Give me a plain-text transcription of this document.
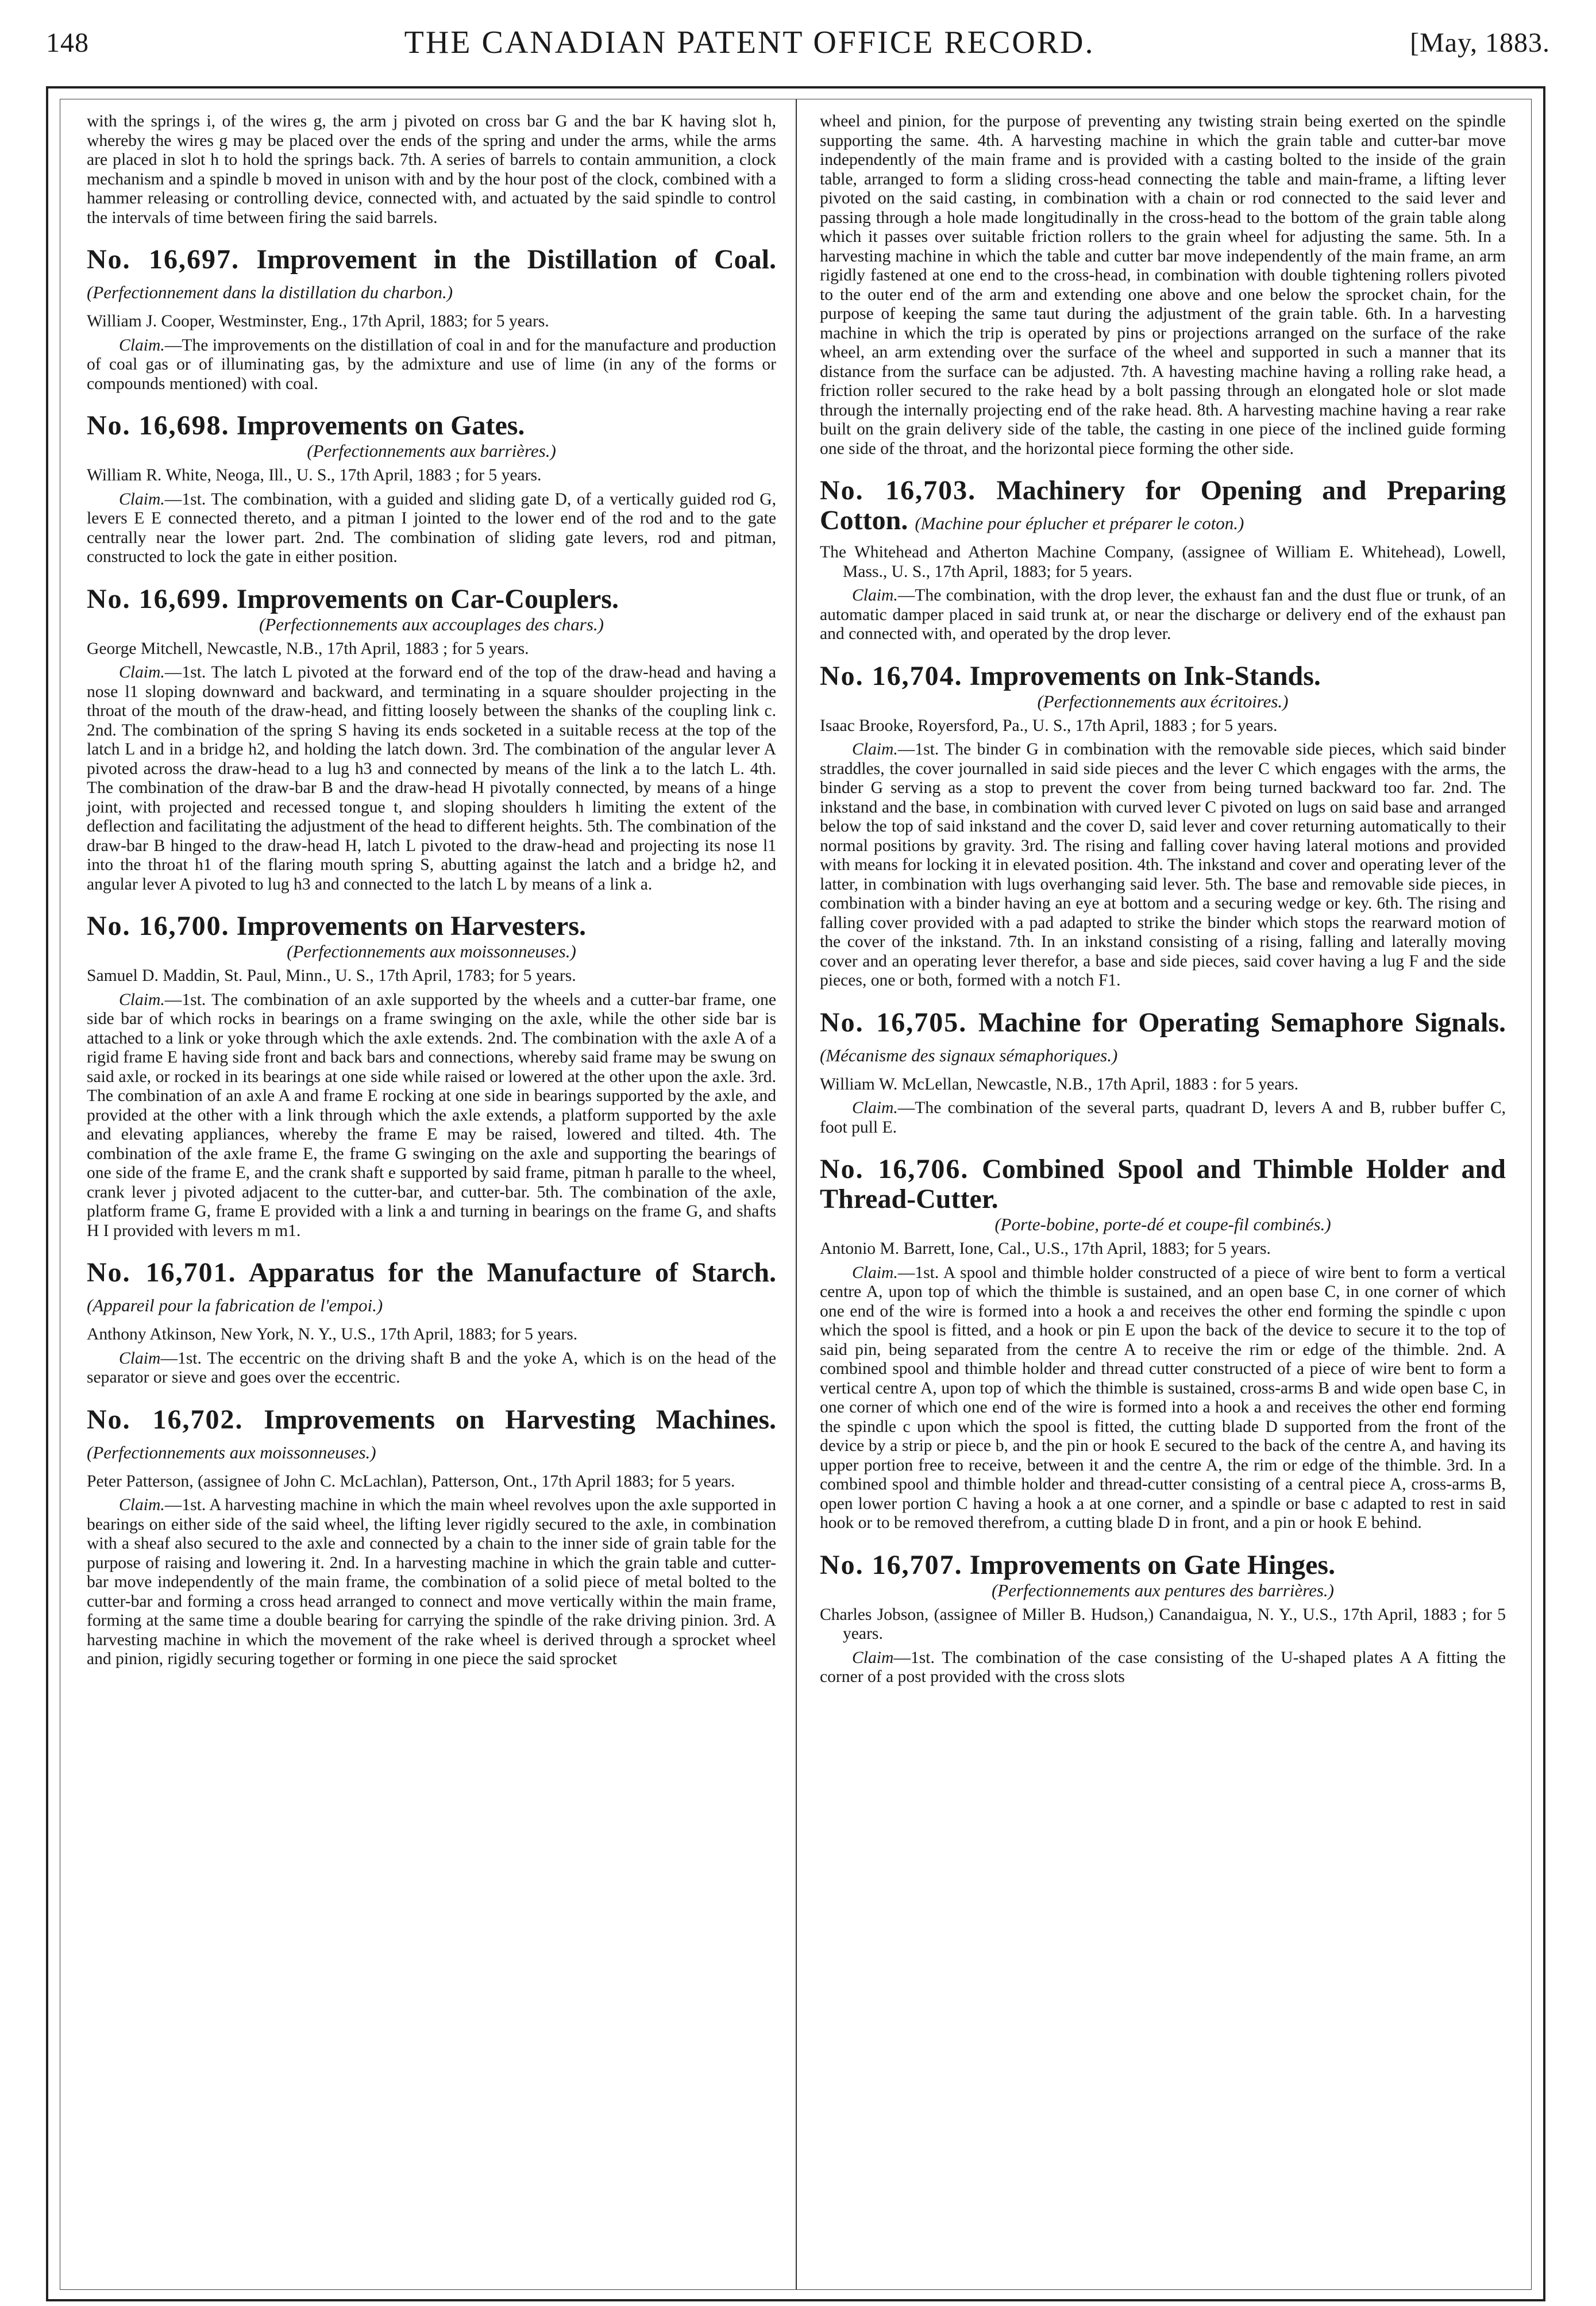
148	THE CANADIAN PATENT OFFICE RECORD.	[May, 1883.

with the springs i, of the wires g, the arm j pivoted on cross bar G and the bar K having slot h, whereby the wires g may be placed over the ends of the spring and under the arms, while the arms are placed in slot h to hold the springs back. 7th. A series of barrels to contain ammunition, a clock mechanism and a spindle b moved in unison with and by the hour post of the clock, combined with a hammer releasing or controlling device, connected with, and actuated by the said spindle to control the intervals of time between firing the said barrels.

No. 16,697. Improvement in the Distillation of Coal. (Perfectionnement dans la distillation du charbon.)

William J. Cooper, Westminster, Eng., 17th April, 1883; for 5 years.

Claim.—The improvements on the distillation of coal in and for the manufacture and production of coal gas or of illuminating gas, by the admixture and use of lime (in any of the forms or compounds mentioned) with coal.

No. 16,698. Improvements on Gates.

(Perfectionnements aux barrières.)

William R. White, Neoga, Ill., U. S., 17th April, 1883 ; for 5 years.

Claim.—1st. The combination, with a guided and sliding gate D, of a vertically guided rod G, levers E E connected thereto, and a pitman I jointed to the lower end of the rod and to the gate centrally near the lower part. 2nd. The combination of sliding gate levers, rod and pitman, constructed to lock the gate in either position.

No. 16,699. Improvements on Car-Couplers.

(Perfectionnements aux accouplages des chars.)

George Mitchell, Newcastle, N.B., 17th April, 1883 ; for 5 years.

Claim.—1st. The latch L pivoted at the forward end of the top of the draw-head and having a nose l1 sloping downward and backward, and terminating in a square shoulder projecting in the throat of the mouth of the draw-head, and fitting loosely between the shanks of the coupling link c. 2nd. The combination of the spring S having its ends socketed in a suitable recess at the top of the latch L and in a bridge h2, and holding the latch down. 3rd. The combination of the angular lever A pivoted across the draw-head to a lug h3 and connected by means of the link a to the latch L. 4th. The combination of the draw-bar B and the draw-head H pivotally connected, by means of a hinge joint, with projected and recessed tongue t, and sloping shoulders h limiting the extent of the deflection and facilitating the adjustment of the head to different heights. 5th. The combination of the draw-bar B hinged to the draw-head H, latch L pivoted to the draw-head and projecting its nose l1 into the throat h1 of the flaring mouth spring S, abutting against the latch and a bridge h2, and angular lever A pivoted to lug h3 and connected to the latch L by means of a link a.

No. 16,700. Improvements on Harvesters.

(Perfectionnements aux moissonneuses.)

Samuel D. Maddin, St. Paul, Minn., U. S., 17th April, 1783; for 5 years.

Claim.—1st. The combination of an axle supported by the wheels and a cutter-bar frame, one side bar of which rocks in bearings on a frame swinging on the axle, while the other side bar is attached to a link or yoke through which the axle extends. 2nd. The combination with the axle A of a rigid frame E having side front and back bars and connections, whereby said frame may be swung on said axle, or rocked in its bearings at one side while raised or lowered at the other upon the axle. 3rd. The combination of an axle A and frame E rocking at one side in bearings supported by the axle, and provided at the other with a link through which the axle extends, a platform supported by the axle and elevating appliances, whereby the frame E may be raised, lowered and tilted. 4th. The combination of the axle frame E, the frame G swinging on the axle and supporting the bearings of one side of the frame E, and the crank shaft e supported by said frame, pitman h paralle to the wheel, crank lever j pivoted adjacent to the cutter-bar, and cutter-bar. 5th. The combination of the axle, platform frame G, frame E provided with a link a and turning in bearings on the frame G, and shafts H I provided with levers m m1.

No. 16,701. Apparatus for the Manufacture of Starch. (Appareil pour la fabrication de l'empoi.)

Anthony Atkinson, New York, N. Y., U.S., 17th April, 1883; for 5 years.

Claim—1st. The eccentric on the driving shaft B and the yoke A, which is on the head of the separator or sieve and goes over the eccentric.

No. 16,702. Improvements on Harvesting Machines. (Perfectionnements aux moissonneuses.)

Peter Patterson, (assignee of John C. McLachlan), Patterson, Ont., 17th April 1883; for 5 years.

Claim.—1st. A harvesting machine in which the main wheel revolves upon the axle supported in bearings on either side of the said wheel, the lifting lever rigidly secured to the axle, in combination with a sheaf also secured to the axle and connected by a chain to the inner side of grain table for the purpose of raising and lowering it. 2nd. In a harvesting machine in which the grain table and cutter-bar move independently of the main frame, the combination of a solid piece of metal bolted to the cutter-bar and forming a cross head arranged to connect and move vertically within the main frame, forming at the same time a double bearing for carrying the spindle of the rake driving pinion. 3rd. A harvesting machine in which the movement of the rake wheel is derived through a sprocket wheel and pinion, rigidly securing together or forming in one piece the said sprocket

wheel and pinion, for the purpose of preventing any twisting strain being exerted on the spindle supporting the same. 4th. A harvesting machine in which the grain table and cutter-bar move independently of the main frame and is provided with a casting bolted to the inside of the grain table, arranged to form a sliding cross-head connecting the table and main-frame, a lifting lever pivoted on the said casting, in combination with a chain or rod connected to the said lever and passing through a hole made longitudinally in the cross-head to the bottom of the grain table along which it passes over suitable friction rollers to the grain wheel for adjusting the same. 5th. In a harvesting machine in which the table and cutter bar move independently of the main frame, an arm rigidly fastened at one end to the cross-head, in combination with double tightening rollers pivoted to the outer end of the arm and extending one above and one below the sprocket chain, for the purpose of keeping the same taut during the adjustment of the grain table. 6th. In a harvesting machine in which the trip is operated by pins or projections arranged on the surface of the rake wheel, an arm extending over the surface of the wheel and supported in such a manner that its distance from the surface can be adjusted. 7th. A havesting machine having a rolling rake head, a friction roller secured to the rake head by a bolt passing through an elongated hole or slot made through the internally projecting end of the rake head. 8th. A harvesting machine having a rear rake built on the grain delivery side of the table, the casting in one piece of the inclined guide forming one side of the throat, and the horizontal piece forming the other side.

No. 16,703. Machinery for Opening and Preparing Cotton. (Machine pour éplucher et préparer le coton.)

The Whitehead and Atherton Machine Company, (assignee of William E. Whitehead), Lowell, Mass., U. S., 17th April, 1883; for 5 years.

Claim.—The combination, with the drop lever, the exhaust fan and the dust flue or trunk, of an automatic damper placed in said trunk at, or near the discharge or delivery end of the exhaust pan and connected with, and operated by the drop lever.

No. 16,704. Improvements on Ink-Stands.

(Perfectionnements aux écritoires.)

Isaac Brooke, Royersford, Pa., U. S., 17th April, 1883 ; for 5 years.

Claim.—1st. The binder G in combination with the removable side pieces, which said binder straddles, the cover journalled in said side pieces and the lever C which engages with the arms, the binder G serving as a stop to prevent the cover from being turned backward too far. 2nd. The inkstand and the base, in combination with curved lever C pivoted on lugs on said base and arranged below the top of said inkstand and the cover D, said lever and cover returning automatically to their normal positions by gravity. 3rd. The rising and falling cover having lateral motions and provided with means for locking it in elevated position. 4th. The inkstand and cover and operating lever of the latter, in combination with lugs overhanging said lever. 5th. The base and removable side pieces, in combination with a binder having an eye at bottom and a securing wedge or key. 6th. The rising and falling cover provided with a pad adapted to strike the binder which stops the rearward motion of the cover of the inkstand. 7th. In an inkstand consisting of a rising, falling and laterally moving cover and an operating lever therefor, a base and side pieces, said cover having a lug F and the side pieces, one or both, formed with a notch F1.

No. 16,705. Machine for Operating Semaphore Signals. (Mécanisme des signaux sémaphoriques.)

William W. McLellan, Newcastle, N.B., 17th April, 1883 : for 5 years.

Claim.—The combination of the several parts, quadrant D, levers A and B, rubber buffer C, foot pull E.

No. 16,706. Combined Spool and Thimble Holder and Thread-Cutter.

(Porte-bobine, porte-dé et coupe-fil combinés.)

Antonio M. Barrett, Ione, Cal., U.S., 17th April, 1883; for 5 years.

Claim.—1st. A spool and thimble holder constructed of a piece of wire bent to form a vertical centre A, upon top of which the thimble is sustained, and an open base C, in one corner of which one end of the wire is formed into a hook a and receives the other end forming the spindle c upon which the spool is fitted, and a hook or pin E upon the back of the device to secure it to the top of said pin, being separated from the centre A to receive the rim or edge of the thimble. 2nd. A combined spool and thimble holder and thread cutter constructed of a piece of wire bent to form a vertical centre A, upon top of which the thimble is sustained, cross-arms B and wide open base C, in one corner of which one end of the wire is formed into a hook a and receives the other end forming the spindle c upon which the spool is fitted, the cutting blade D supported from the front of the device by a strip or piece b, and the pin or hook E secured to the back of the centre A, and having its upper portion free to receive, between it and the centre A, the rim or edge of the thimble. 3rd. In a combined spool and thimble holder and thread-cutter consisting of a central piece A, cross-arms B, open lower portion C having a hook a at one corner, and a spindle or base c adapted to rest in said hook or to be removed therefrom, a cutting blade D in front, and a pin or hook E behind.

No. 16,707. Improvements on Gate Hinges.

(Perfectionnements aux pentures des barrières.)

Charles Jobson, (assignee of Miller B. Hudson,) Canandaigua, N. Y., U.S., 17th April, 1883 ; for 5 years.

Claim—1st. The combination of the case consisting of the U-shaped plates A A fitting the corner of a post provided with the cross slots
